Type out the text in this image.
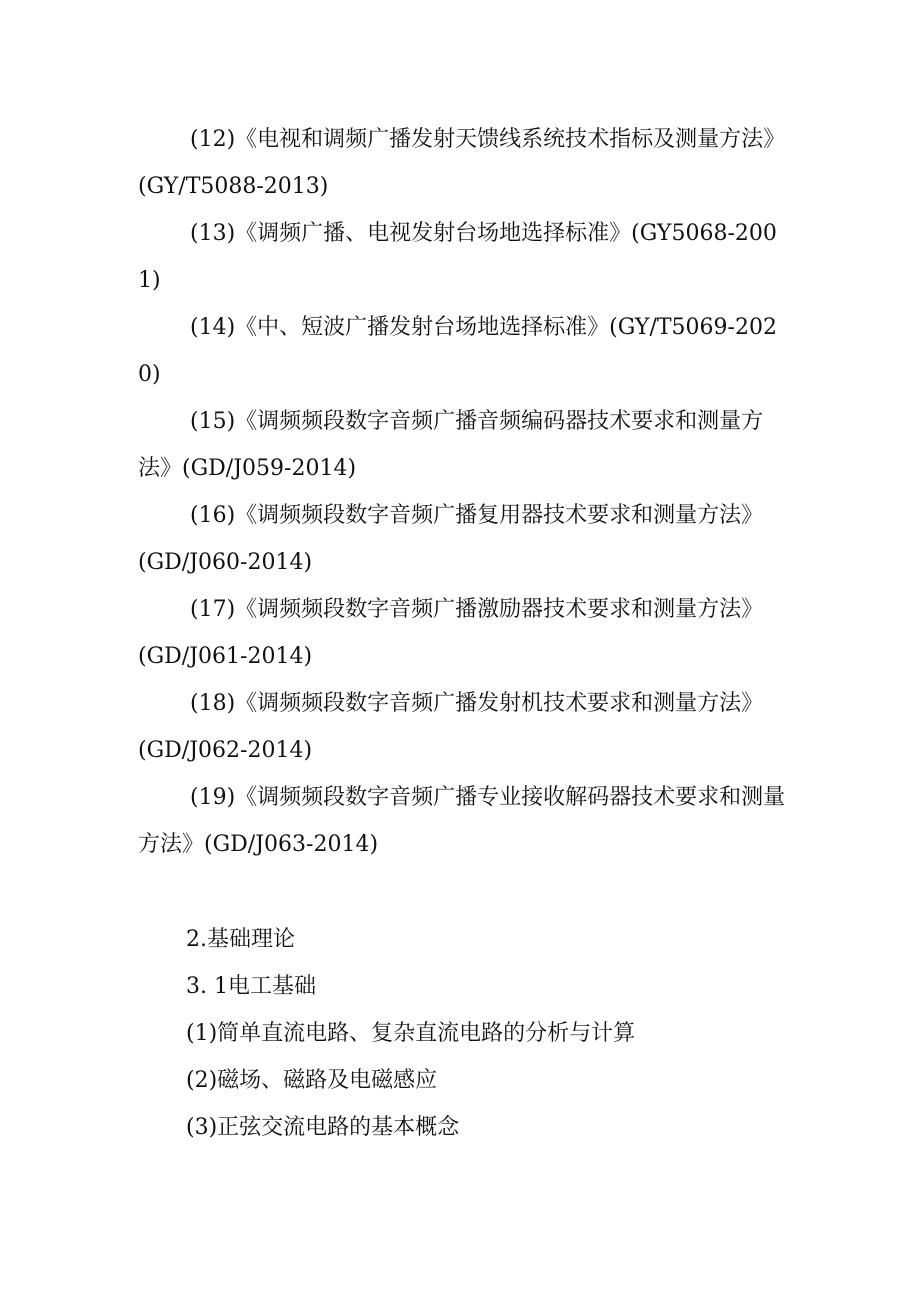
(12)《电视和调频广播发射天馈线系统技术指标及测量方法》(GY/T5088-2013)
(13)《调频广播、电视发射台场地选择标准》(GY5068-2001)
(14)《中、短波广播发射台场地选择标准》(GY/T5069-2020)
(15)《调频频段数字音频广播音频编码器技术要求和测量方法》(GD/J059-2014)
(16)《调频频段数字音频广播复用器技术要求和测量方法》(GD/J060-2014)
(17)《调频频段数字音频广播激励器技术要求和测量方法》(GD/J061-2014)
(18)《调频频段数字音频广播发射机技术要求和测量方法》(GD/J062-2014)
(19)《调频频段数字音频广播专业接收解码器技术要求和测量方法》(GD/J063-2014)

2.基础理论

3. 1电工基础

(1)简单直流电路、复杂直流电路的分析与计算

(2)磁场、磁路及电磁感应

(3)正弦交流电路的基本概念
